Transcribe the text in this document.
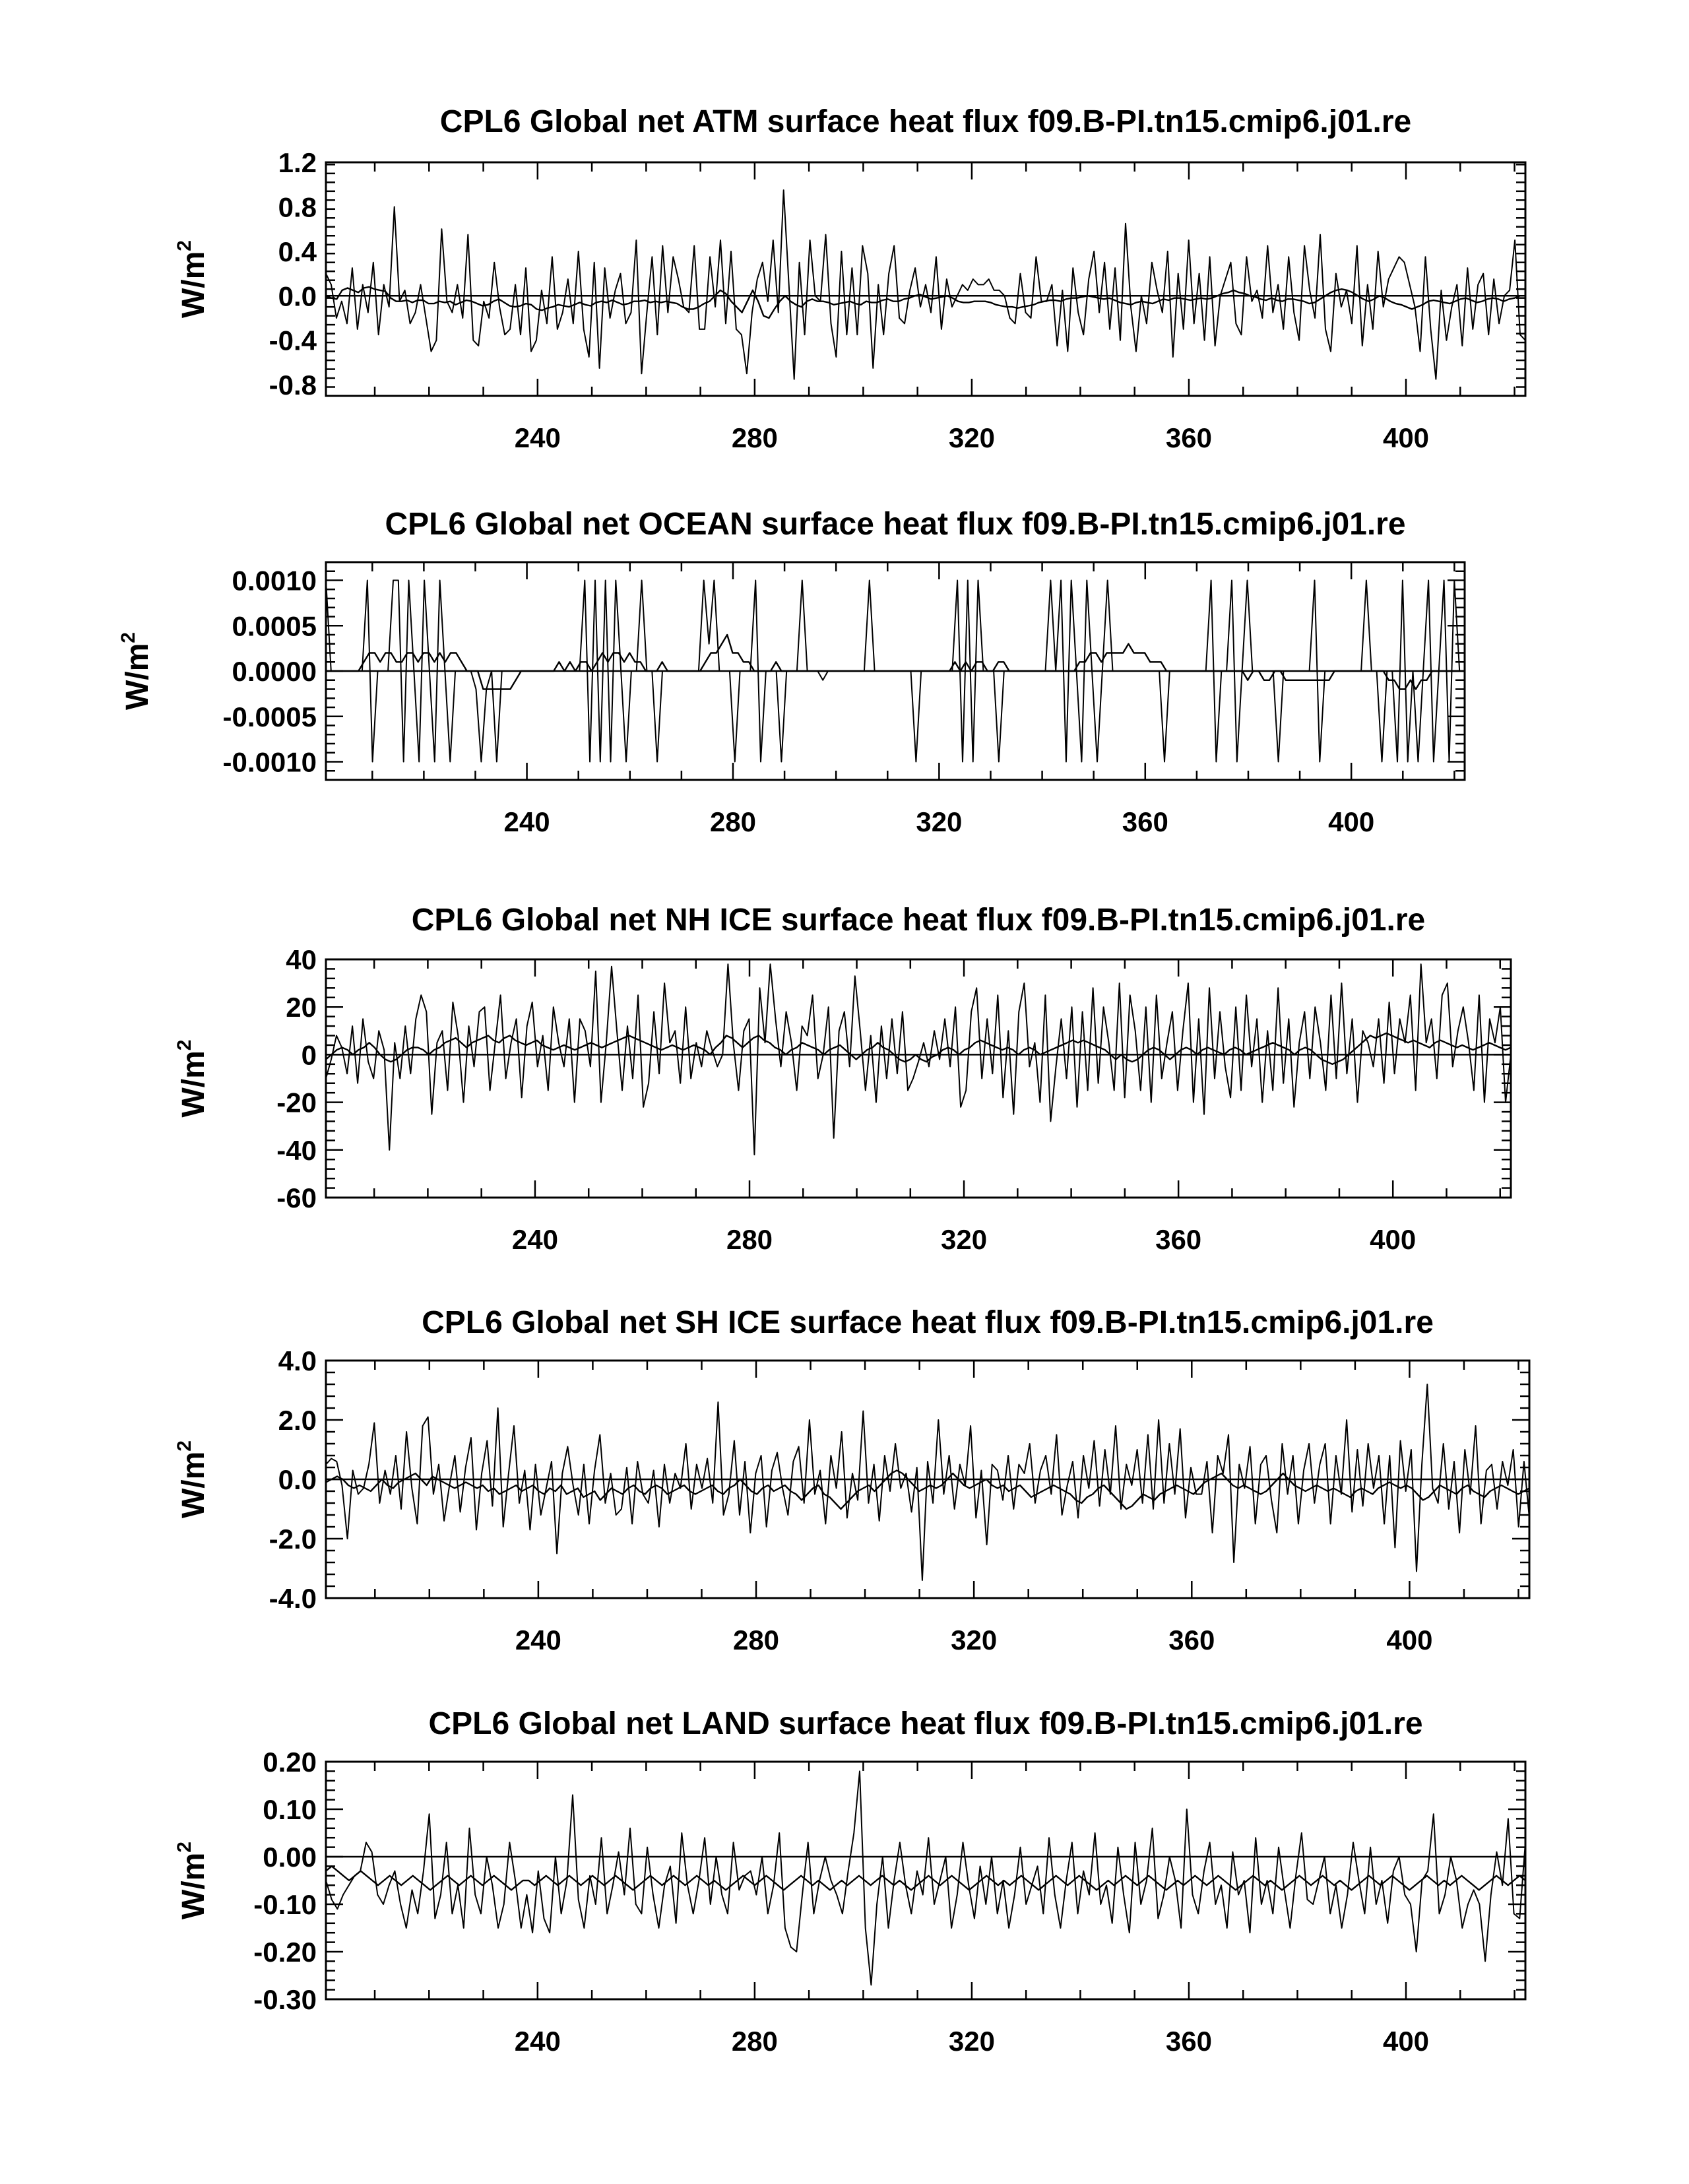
CPL6 Global net ATM surface heat flux f09.B-PI.tn15.cmip6.j01.re
240	280	320	360	400
1.2
0.8
0.4
0.0
-0.4
-0.8
$W/m^2$
CPL6 Global net OCEAN surface heat flux f09.B-PI.tn15.cmip6.j01.re
240	280	320	360	400
0.0010
0.0005
0.0000
-0.0005
-0.0010
$W/m^2$
CPL6 Global net NH ICE surface heat flux f09.B-PI.tn15.cmip6.j01.re
240	280	320	360	400
40
20
0
-20
-40
-60
$W/m^2$
CPL6 Global net SH ICE surface heat flux f09.B-PI.tn15.cmip6.j01.re
240	280	320	360	400
4.0
2.0
0.0
-2.0
-4.0
$W/m^2$
CPL6 Global net LAND surface heat flux f09.B-PI.tn15.cmip6.j01.re
240	280	320	360	400
0.20
0.10
0.00
-0.10
-0.20
-0.30
$W/m^2$
